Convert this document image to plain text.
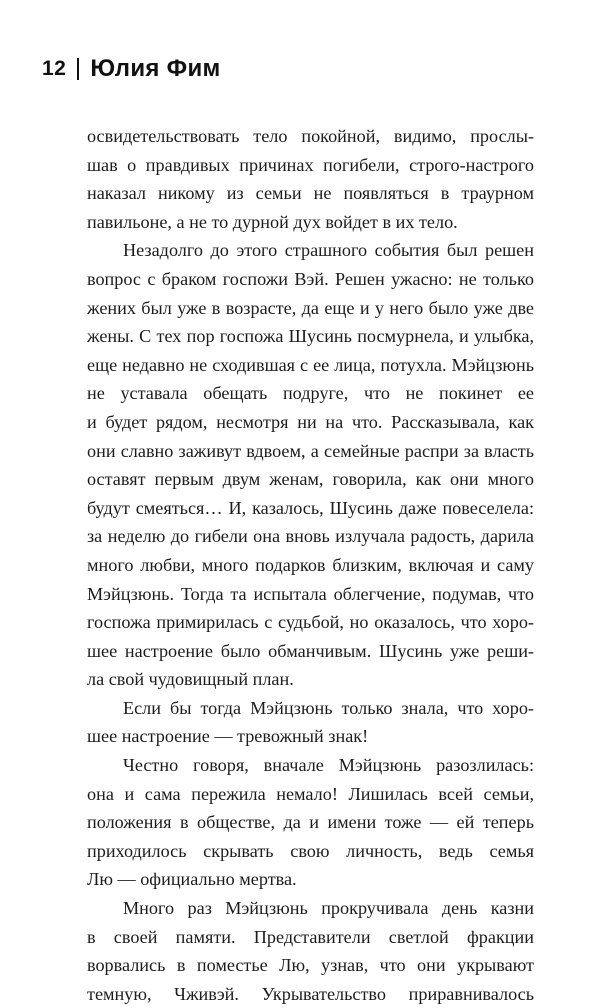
12 Юлия Фим
освидетельствовать тело покойной, видимо, прослы-
шав о правдивых причинах погибели, строго-настрого
наказал никому из семьи не появляться в траурном
павильоне, а не то дурной дух войдет в их тело.
Незадолго до этого страшного события был решен
вопрос с браком госпожи Вэй. Решен ужасно: не только
жених был уже в возрасте, да еще и у него было уже две
жены. С тех пор госпожа Шусинь посмурнела, и улыбка,
еще недавно не сходившая с ее лица, потухла. Мэйцзюнь
не уставала обещать подруге, что не покинет ее
и будет рядом, несмотря ни на что. Рассказывала, как
они славно заживут вдвоем, а семейные распри за власть
оставят первым двум женам, говорила, как они много
будут смеяться… И, казалось, Шусинь даже повеселела:
за неделю до гибели она вновь излучала радость, дарила
много любви, много подарков близким, включая и саму
Мэйцзюнь. Тогда та испытала облегчение, подумав, что
госпожа примирилась с судьбой, но оказалось, что хоро-
шее настроение было обманчивым. Шусинь уже реши-
ла свой чудовищный план.
Если бы тогда Мэйцзюнь только знала, что хоро-
шее настроение — тревожный знак!
Честно говоря, вначале Мэйцзюнь разозлилась:
она и сама пережила немало! Лишилась всей семьи,
положения в обществе, да и имени тоже — ей теперь
приходилось скрывать свою личность, ведь семья
Лю — официально мертва.
Много раз Мэйцзюнь прокручивала день казни
в своей памяти. Представители светлой фракции
ворвались в поместье Лю, узнав, что они укрывают
темную, Чживэй. Укрывательство приравнивалось
